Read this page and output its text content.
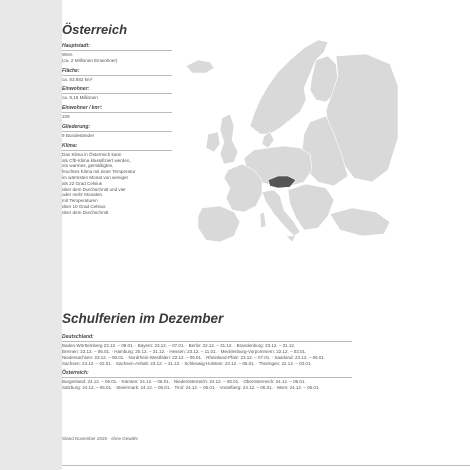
Österreich
Hauptstadt:
Wien
(ca. 2 Millionen Einwohner)
Fläche:
ca. 83.882 km²
Einwohner:
ca. 9,16 Millionen
Einwohner / km²:
109
Gliederung:
9 Bundesländer
Klima:
Das Klima in Österreich kann
als Cfb-Klima klassifiziert werden,
ein warmes, gemäßigtes,
feuchtes Klima mit einer Temperatur
im wärmsten Monat von weniger
als 22 Grad Celsius
über dem Durchschnitt und vier
oder mehr Monaten
mit Temperaturen
über 10 Grad Celsius
über dem Durchschnitt
Schulferien im Dezember
Deutschland:
Baden-Württemberg 23.12. – 08.01. · Bayern: 23.12. – 07.01. · Berlin: 22.12. – 31.12. · Brandenburg: 23.12. – 31.12.
Bremen: 23.12. – 06.01. · Hamburg: 20.12. – 31.12. · Hessen: 23.12. – 11.01. · Mecklenburg-Vorpommern: 22.12. – 03.01.
Niedersachsen: 23.12. – 06.01. · Nordrhein-Westfalen: 22.12. – 06.01. · Rheinland-Pfalz: 23.12. – 07.01. · Saarland: 23.12. – 06.01.
Sachsen: 23.12. – 02.01. · Sachsen-Anhalt: 23.12. – 31.12. · Schleswig-Holstein: 23.12. – 06.01. · Thüringen: 22.12. – 03.01.
Österreich:
Burgenland: 24.12. – 06.01. · Kärnten: 24.12. – 06.01. · Niederösterreich: 24.12. – 06.01. · Oberösterreich: 24.12. – 06.01.
Salzburg: 24.12. – 06.01. · Steiermark: 24.12. – 06.01. · Tirol: 24.12. – 06.01. · Vorarlberg: 24.12. – 06.01. · Wien: 24.12. – 06.01.
Stand November 2025 · ohne Gewähr
